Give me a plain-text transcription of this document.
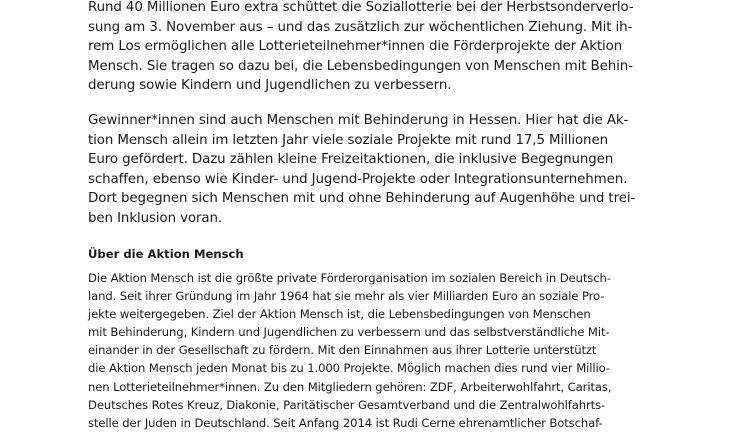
Rund 40 Millionen Euro extra schüttet die Soziallotterie bei der Herbstsonderverlo-
sung am 3. November aus – und das zusätzlich zur wöchentlichen Ziehung. Mit ih-
rem Los ermöglichen alle Lotterieteilnehmer*innen die Förderprojekte der Aktion
Mensch. Sie tragen so dazu bei, die Lebensbedingungen von Menschen mit Behin-
derung sowie Kindern und Jugendlichen zu verbessern.

Gewinner*innen sind auch Menschen mit Behinderung in Hessen. Hier hat die Ak-
tion Mensch allein im letzten Jahr viele soziale Projekte mit rund 17,5 Millionen
Euro gefördert. Dazu zählen kleine Freizeitaktionen, die inklusive Begegnungen
schaffen, ebenso wie Kinder- und Jugend-Projekte oder Integrationsunternehmen.
Dort begegnen sich Menschen mit und ohne Behinderung auf Augenhöhe und trei-
ben Inklusion voran.

Über die Aktion Mensch

Die Aktion Mensch ist die größte private Förderorganisation im sozialen Bereich in Deutsch-
land. Seit ihrer Gründung im Jahr 1964 hat sie mehr als vier Milliarden Euro an soziale Pro-
jekte weitergegeben. Ziel der Aktion Mensch ist, die Lebensbedingungen von Menschen
mit Behinderung, Kindern und Jugendlichen zu verbessern und das selbstverständliche Mit-
einander in der Gesellschaft zu fördern. Mit den Einnahmen aus ihrer Lotterie unterstützt
die Aktion Mensch jeden Monat bis zu 1.000 Projekte. Möglich machen dies rund vier Millio-
nen Lotterieteilnehmer*innen. Zu den Mitgliedern gehören: ZDF, Arbeiterwohlfahrt, Caritas,
Deutsches Rotes Kreuz, Diakonie, Paritätischer Gesamtverband und die Zentralwohlfahrts-
stelle der Juden in Deutschland. Seit Anfang 2014 ist Rudi Cerne ehrenamtlicher Botschaf-
